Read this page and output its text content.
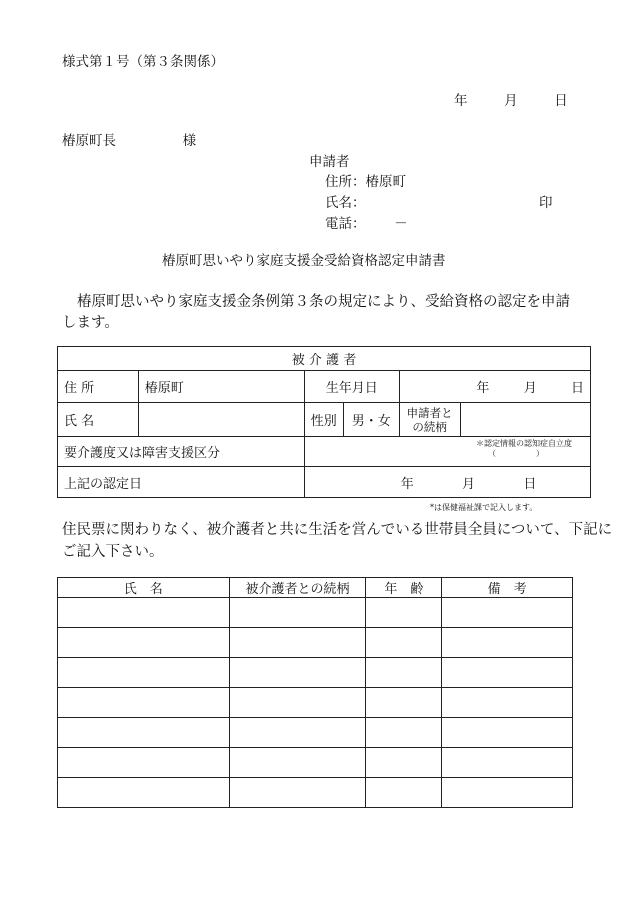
様式第１号（第３条関係）
年	月	日
椿原町長	様
申請者
住所：椿原町
氏名：	印
電話： －
椿原町思いやり家庭支援金受給資格認定申請書
椿原町思いやり家庭支援金条例第３条の規定により、受給資格の認定を申請
します。
被 介 護 者					
住 所	椿原町	生年月日		年 月 日	
氏 名		性別	男・女	申請者と
の続柄	

要介護度又は障害支援区分		＊認定情報の認知症自立度
（　　　　　）			

上記の認定日		年 月 日			
*は保健福祉課で記入します。
住民票に関わりなく、被介護者と共に生活を営んでいる世帯員全員について、下記に
ご記入下さい。
氏　名	被介護者との続柄	年　齢	備　考
